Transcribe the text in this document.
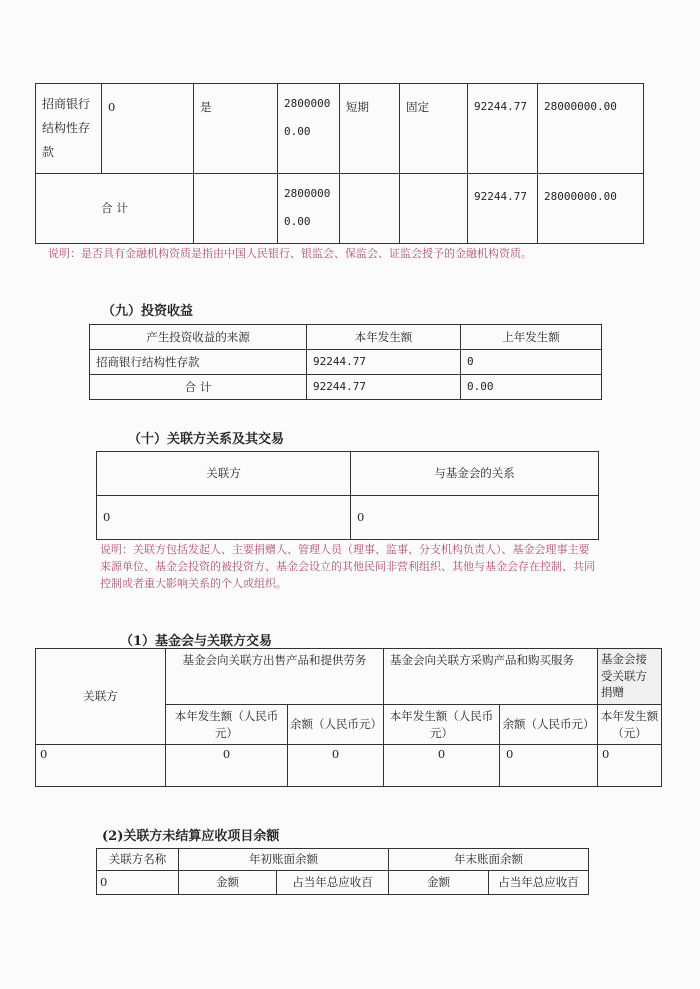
招商银行结构性存款	0	是	28000000.00	短期	固定	92244.77	28000000.00
合 计			28000000.00			92244.77	28000000.00
说明：是否具有金融机构资质是指由中国人民银行、银监会、保监会、证监会授予的金融机构资质。
（九）投资收益
产生投资收益的来源	本年发生额	上年发生额
招商银行结构性存款	92244.77	0
合 计	92244.77	0.00
（十）关联方关系及其交易
关联方	与基金会的关系
0	0
说明：关联方包括发起人、主要捐赠人、管理人员（理事、监事、分支机构负责人）、基金会理事主要来源单位、基金会投资的被投资方、基金会设立的其他民间非营利组织、其他与基金会存在控制、共同控制或者重大影响关系的个人或组织。
（1）基金会与关联方交易
关联方	基金会向关联方出售产品和提供劳务		基金会向关联方采购产品和购买服务		基金会接受关联方捐赠
	本年发生额（人民币元）	余额（人民币元）	本年发生额（人民币元）	余额（人民币元）	本年发生额（元）
0	0	0	0	0	0
(2)关联方未结算应收项目余额
关联方名称	年初账面余额		年末账面余额	
0	金额	占当年总应收百	金额	占当年总应收百
